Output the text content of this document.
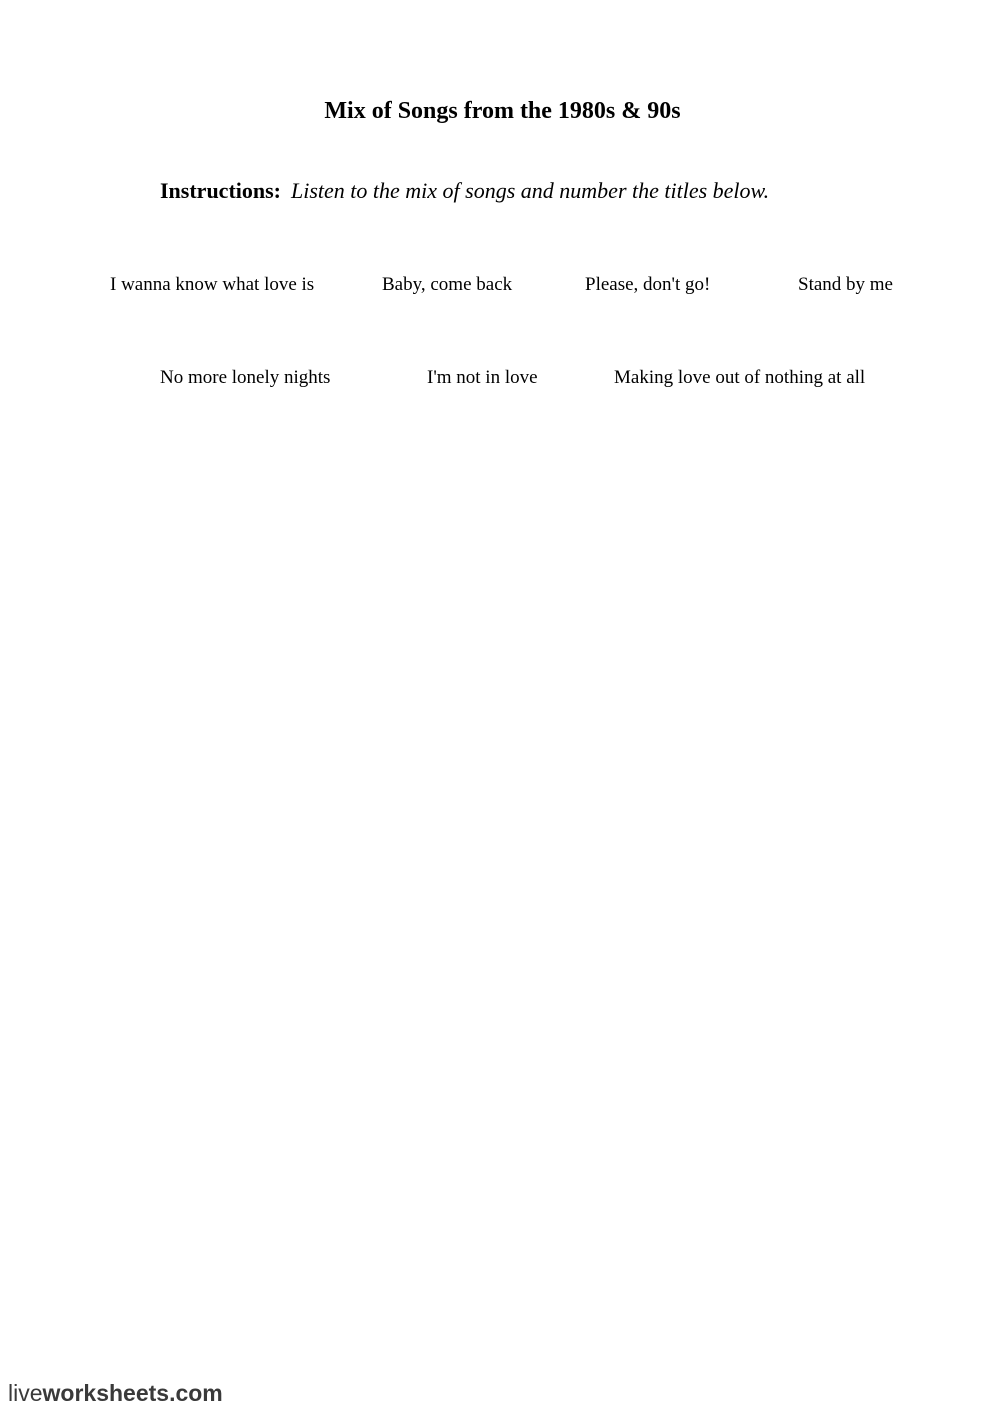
Mix of Songs from the 1980s & 90s
Instructions: Listen to the mix of songs and number the titles below.
I wanna know what love is	Baby, come back	Please, don't go!	Stand by me
No more lonely nights	I'm not in love	Making love out of nothing at all
liveworksheets.com
